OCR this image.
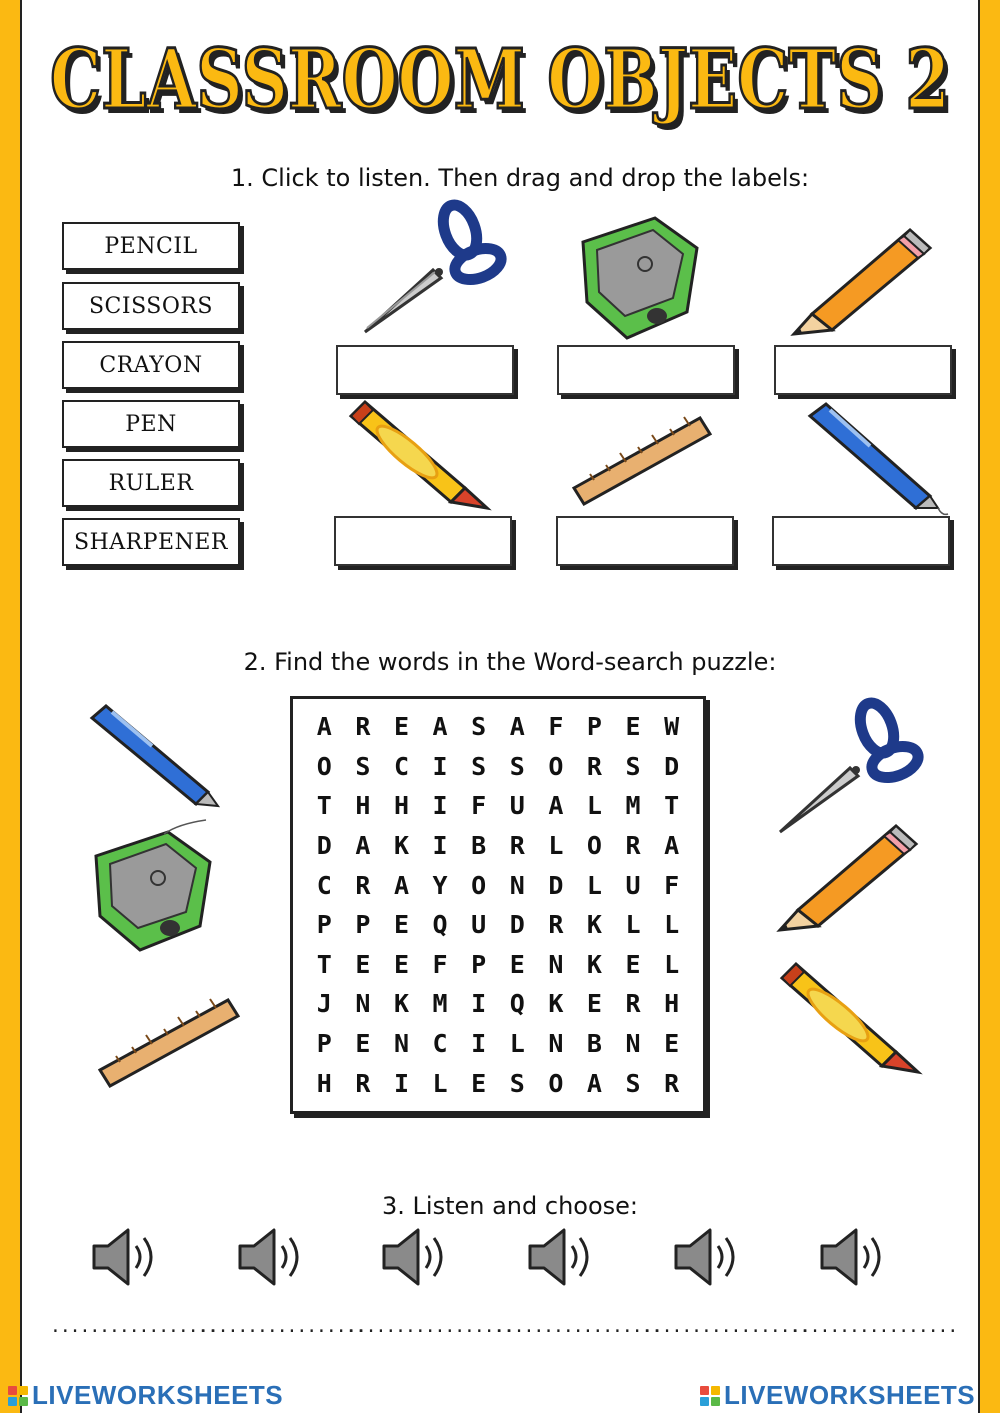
CLASSROOM OBJECTS 2
CLASSROOM OBJECTS 2
1. Click to listen. Then drag and drop the labels:
PENCIL
SCISSORS
CRAYON
PEN
RULER
SHARPENER
2. Find the words in the Word-search puzzle:
A R E A S A F P E W
O S C I S S O R S D
T H H I F U A L M T
D A K I B R L O R A
C R A Y O N D L U F
P P E Q U D R K L L
T E E F P E N K E L
J N K M I Q K E R H
P E N C I L N B N E
H R I L E S O A S R
3. Listen and choose:
.................
.................
.................
.................
.................
.................
LIVEWORKSHEETS	LIVEWORKSHEETS
